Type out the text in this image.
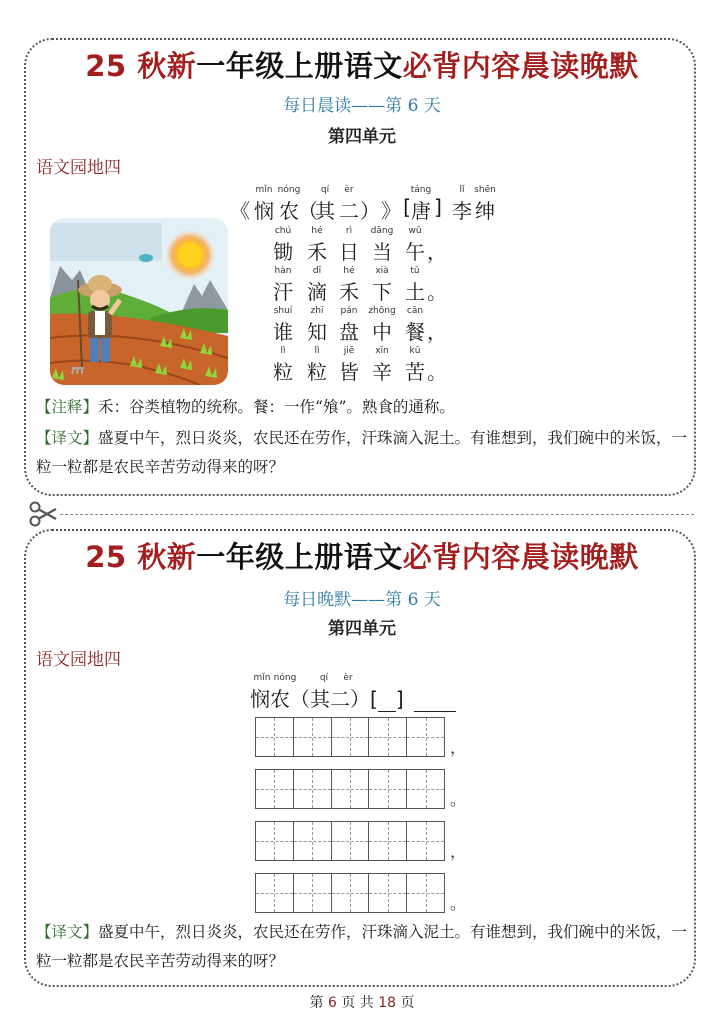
25 秋新一年级上册语文必背内容晨读晚默
每日晨读——第 6 天
第四单元
语文园地四
mǐn nóng	qí	èr	táng	lǐ	shēn
《 悯 农 （
其 二 ） 》 [ 唐 ] 李 绅
chú	hé	rì	dāng	wǔ
锄 禾 日 当 午 ，
hàn	dī	hé	xià	tǔ
汗 滴 禾 下 土 。
shuí	zhī	pán	zhōng	cān
谁 知 盘 中 餐 ，
lì	lì	jiē	xīn	kǔ
粒 粒 皆 辛 苦 。
【注释】禾：谷类植物的统称。餐：一作“飧”。熟食的通称。
【译文】盛夏中午，烈日炎炎，农民还在劳作，汗珠滴入泥土。有谁想到，我们碗中的米饭，一粒一粒都是农民辛苦劳动得来的呀？
25 秋新一年级上册语文必背内容晨读晚默
每日晚默——第 6 天
第四单元
语文园地四
mǐn nóng	qí	èr
悯农（其二）[ ]
，
。
，
。
【译文】盛夏中午，烈日炎炎，农民还在劳作，汗珠滴入泥土。有谁想到，我们碗中的米饭，一粒一粒都是农民辛苦劳动得来的呀？
第 6 页 共 18 页
